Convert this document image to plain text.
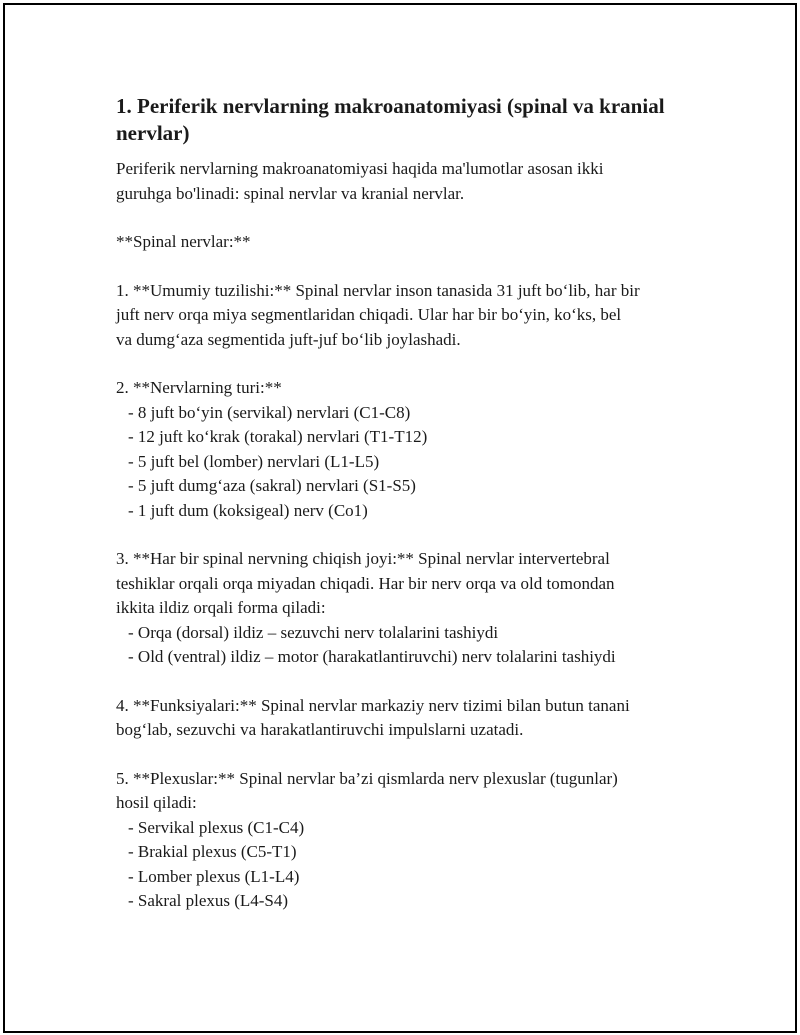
1. Periferik nervlarning makroanatomiyasi (spinal va kranial nervlar)

Periferik nervlarning makroanatomiyasi haqida ma'lumotlar asosan ikki
guruhga bo'linadi: spinal nervlar va kranial nervlar.

**Spinal nervlar:**

1. **Umumiy tuzilishi:** Spinal nervlar inson tanasida 31 juft bo‘lib, har bir
juft nerv orqa miya segmentlaridan chiqadi. Ular har bir bo‘yin, ko‘ks, bel
va dumg‘aza segmentida juft-juf bo‘lib joylashadi.

2. **Nervlarning turi:**
- 8 juft bo‘yin (servikal) nervlari (C1-C8)
- 12 juft ko‘krak (torakal) nervlari (T1-T12)
- 5 juft bel (lomber) nervlari (L1-L5)
- 5 juft dumg‘aza (sakral) nervlari (S1-S5)
- 1 juft dum (koksigeal) nerv (Co1)
3. **Har bir spinal nervning chiqish joyi:** Spinal nervlar intervertebral
teshiklar orqali orqa miyadan chiqadi. Har bir nerv orqa va old tomondan
ikkita ildiz orqali forma qiladi:
- Orqa (dorsal) ildiz – sezuvchi nerv tolalarini tashiydi
- Old (ventral) ildiz – motor (harakatlantiruvchi) nerv tolalarini tashiydi

4. **Funksiyalari:** Spinal nervlar markaziy nerv tizimi bilan butun tanani
bog‘lab, sezuvchi va harakatlantiruvchi impulslarni uzatadi.

5. **Plexuslar:** Spinal nervlar ba’zi qismlarda nerv plexuslar (tugunlar)
hosil qiladi:
- Servikal plexus (C1-C4)
- Brakial plexus (C5-T1)
- Lomber plexus (L1-L4)
- Sakral plexus (L4-S4)
